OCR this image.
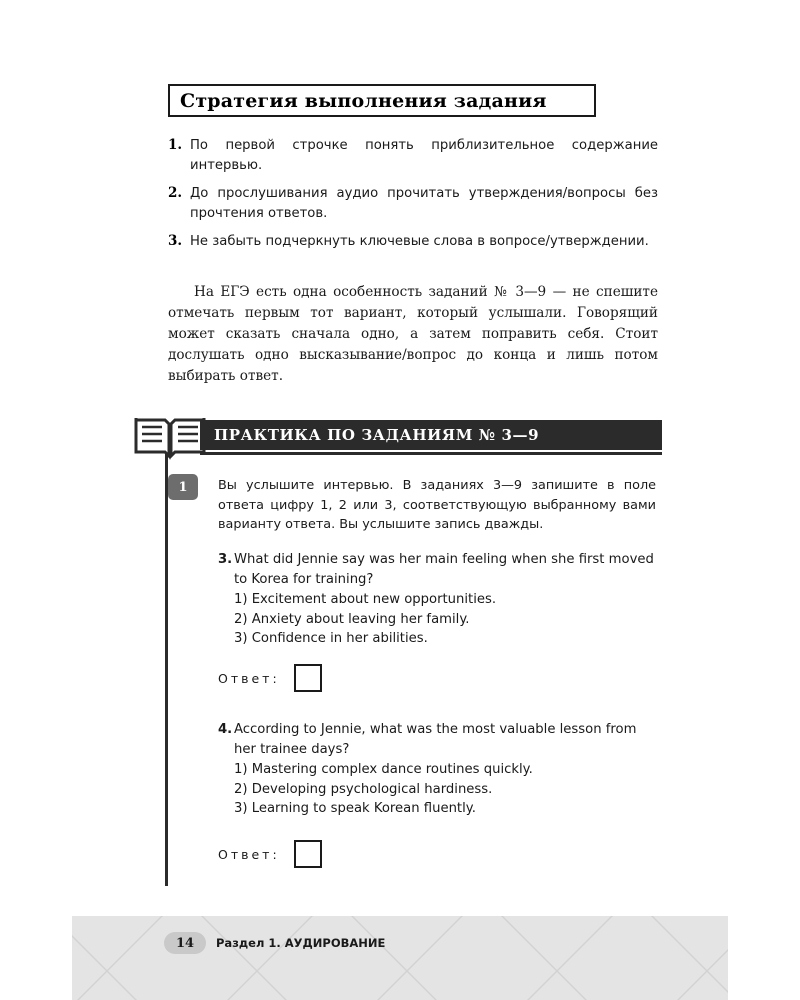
Стратегия выполнения задания
1. По первой строчке понять приблизительное содержание интервью.
2. До прослушивания аудио прочитать утверждения/вопросы без прочтения ответов.
3. Не забыть подчеркнуть ключевые слова в вопросе/утверждении.
На ЕГЭ есть одна особенность заданий № 3—9 — не спешите отмечать первым тот вариант, который услышали. Говорящий может сказать сначала одно, а затем поправить себя. Стоит дослушать одно высказывание/вопрос до конца и лишь потом выбирать ответ.
ПРАКТИКА ПО ЗАДАНИЯМ № 3—9
1 Вы услышите интервью. В заданиях 3—9 запишите в поле ответа цифру 1, 2 или 3, соответствующую выбранному вами варианту ответа. Вы услышите запись дважды.
3. What did Jennie say was her main feeling when she first moved to Korea for training?
1) Excitement about new opportunities.
2) Anxiety about leaving her family.
3) Confidence in her abilities.
Ответ:
4. According to Jennie, what was the most valuable lesson from her trainee days?
1) Mastering complex dance routines quickly.
2) Developing psychological hardiness.
3) Learning to speak Korean fluently.
Ответ:
14 Раздел 1. АУДИРОВАНИЕ
